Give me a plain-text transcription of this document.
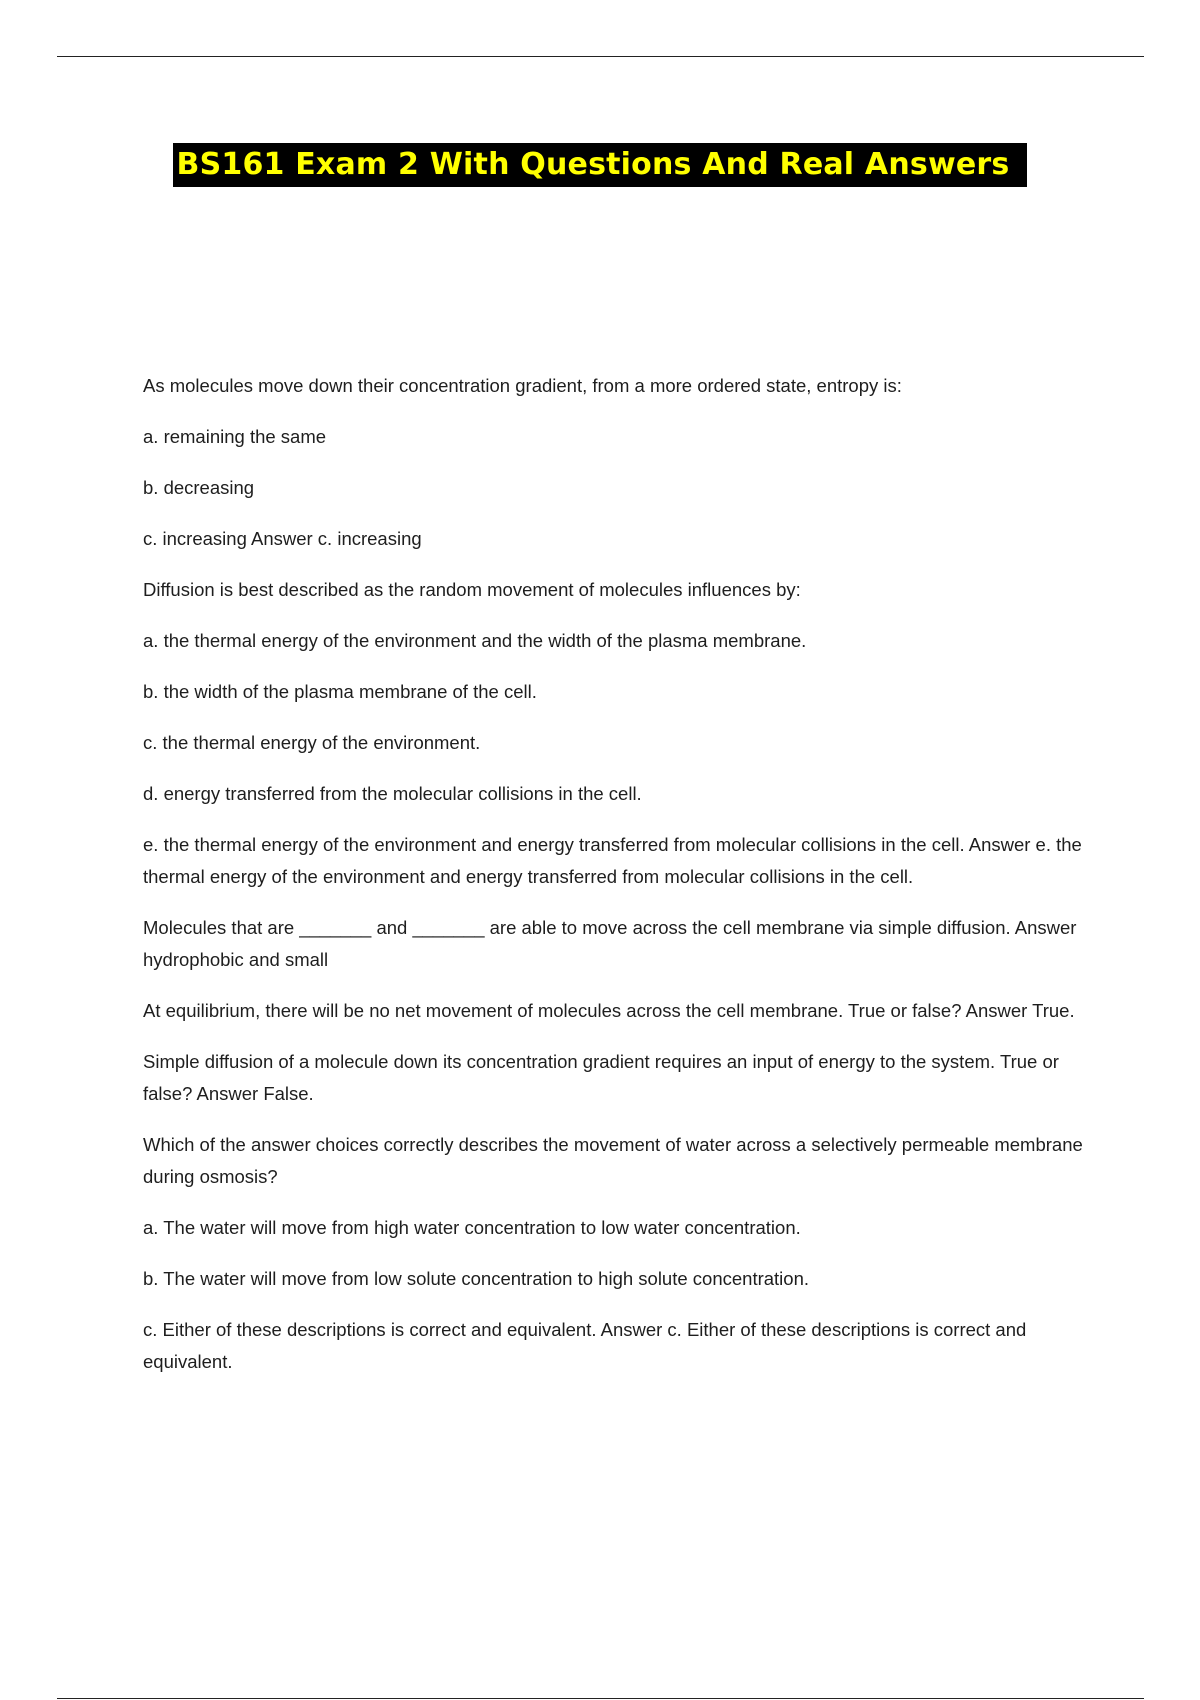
BS161 Exam 2 With Questions And Real Answers

As molecules move down their concentration gradient, from a more ordered state, entropy is:

a. remaining the same

b. decreasing

c. increasing Answer c. increasing

Diffusion is best described as the random movement of molecules influences by:

a. the thermal energy of the environment and the width of the plasma membrane.

b. the width of the plasma membrane of the cell.

c. the thermal energy of the environment.

d. energy transferred from the molecular collisions in the cell.

e. the thermal energy of the environment and energy transferred from molecular collisions in the cell. Answer e. the thermal energy of the environment and energy transferred from molecular collisions in the cell.

Molecules that are _______ and _______ are able to move across the cell membrane via simple diffusion. Answer hydrophobic and small

At equilibrium, there will be no net movement of molecules across the cell membrane. True or false? Answer True.

Simple diffusion of a molecule down its concentration gradient requires an input of energy to the system. True or false? Answer False.

Which of the answer choices correctly describes the movement of water across a selectively permeable membrane during osmosis?

a. The water will move from high water concentration to low water concentration.

b. The water will move from low solute concentration to high solute concentration.

c. Either of these descriptions is correct and equivalent. Answer c. Either of these descriptions is correct and equivalent.
